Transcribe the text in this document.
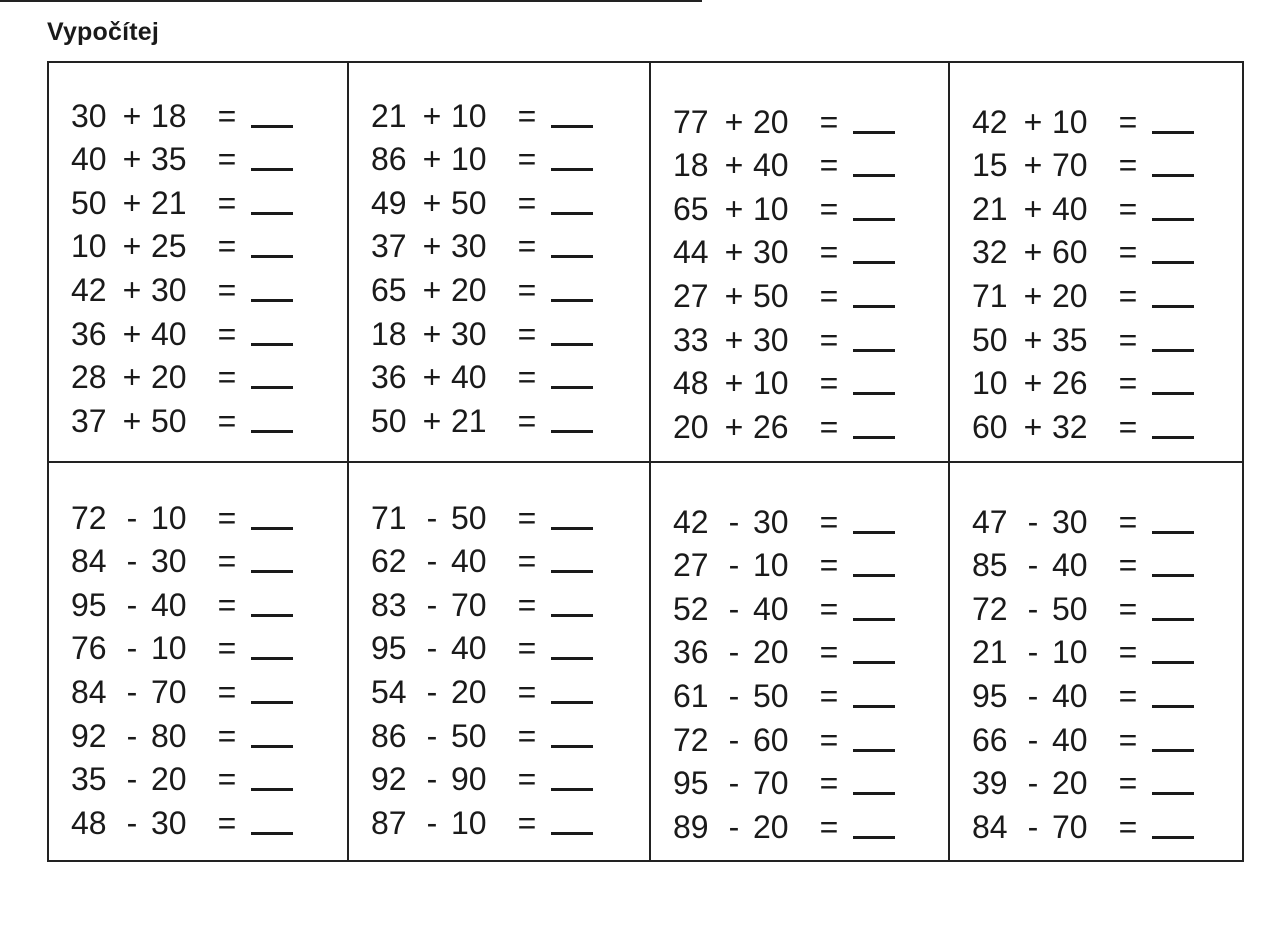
Vypočítej
30 + 18 =
40 + 35 =
50 + 21 =
10 + 25 =
42 + 30 =
36 + 40 =
28 + 20 =
37 + 50 =
21 + 10 =
86 + 10 =
49 + 50 =
37 + 30 =
65 + 20 =
18 + 30 =
36 + 40 =
50 + 21 =
77 + 20 =
18 + 40 =
65 + 10 =
44 + 30 =
27 + 50 =
33 + 30 =
48 + 10 =
20 + 26 =
42 + 10 =
15 + 70 =
21 + 40 =
32 + 60 =
71 + 20 =
50 + 35 =
10 + 26 =
60 + 32 =
72 - 10 =
84 - 30 =
95 - 40 =
76 - 10 =
84 - 70 =
92 - 80 =
35 - 20 =
48 - 30 =
71 - 50 =
62 - 40 =
83 - 70 =
95 - 40 =
54 - 20 =
86 - 50 =
92 - 90 =
87 - 10 =
42 - 30 =
27 - 10 =
52 - 40 =
36 - 20 =
61 - 50 =
72 - 60 =
95 - 70 =
89 - 20 =
47 - 30 =
85 - 40 =
72 - 50 =
21 - 10 =
95 - 40 =
66 - 40 =
39 - 20 =
84 - 70 =
